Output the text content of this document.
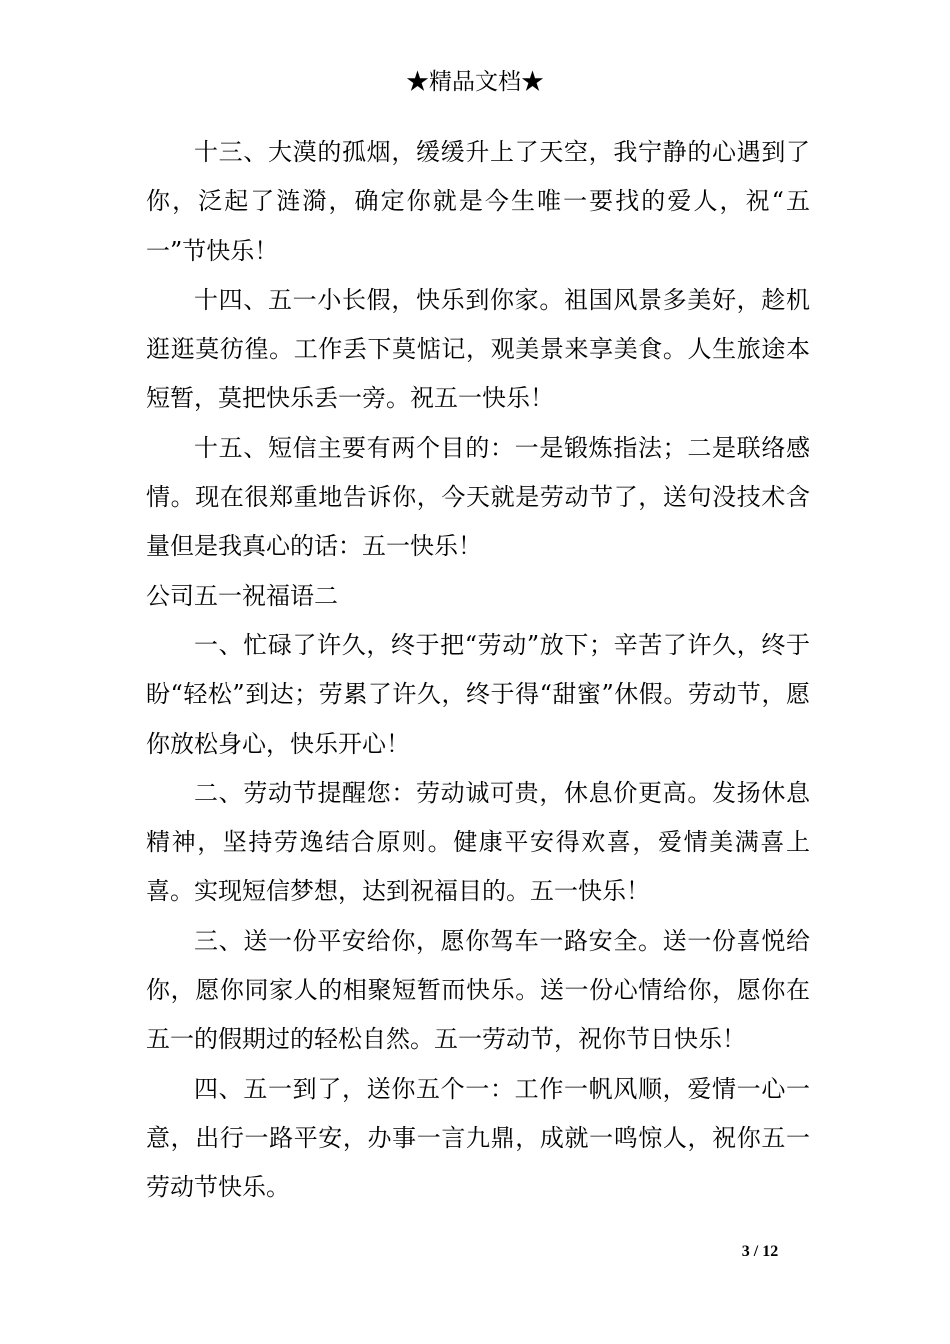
★精品文档★

十三、大漠的孤烟，缓缓升上了天空，我宁静的心遇到了你，泛起了涟漪，确定你就是今生唯一要找的爱人，祝“五一”节快乐！

十四、五一小长假，快乐到你家。祖国风景多美好，趁机逛逛莫彷徨。工作丢下莫惦记，观美景来享美食。人生旅途本短暂，莫把快乐丢一旁。祝五一快乐！

十五、短信主要有两个目的：一是锻炼指法；二是联络感情。现在很郑重地告诉你，今天就是劳动节了，送句没技术含量但是我真心的话：五一快乐！

公司五一祝福语二

一、忙碌了许久，终于把“劳动”放下；辛苦了许久，终于盼“轻松”到达；劳累了许久，终于得“甜蜜”休假。劳动节，愿你放松身心，快乐开心！

二、劳动节提醒您：劳动诚可贵，休息价更高。发扬休息精神，坚持劳逸结合原则。健康平安得欢喜，爱情美满喜上喜。实现短信梦想，达到祝福目的。五一快乐！

三、送一份平安给你，愿你驾车一路安全。送一份喜悦给你，愿你同家人的相聚短暂而快乐。送一份心情给你，愿你在五一的假期过的轻松自然。五一劳动节，祝你节日快乐！

四、五一到了，送你五个一：工作一帆风顺，爱情一心一意，出行一路平安，办事一言九鼎，成就一鸣惊人，祝你五一劳动节快乐。

3 / 12
